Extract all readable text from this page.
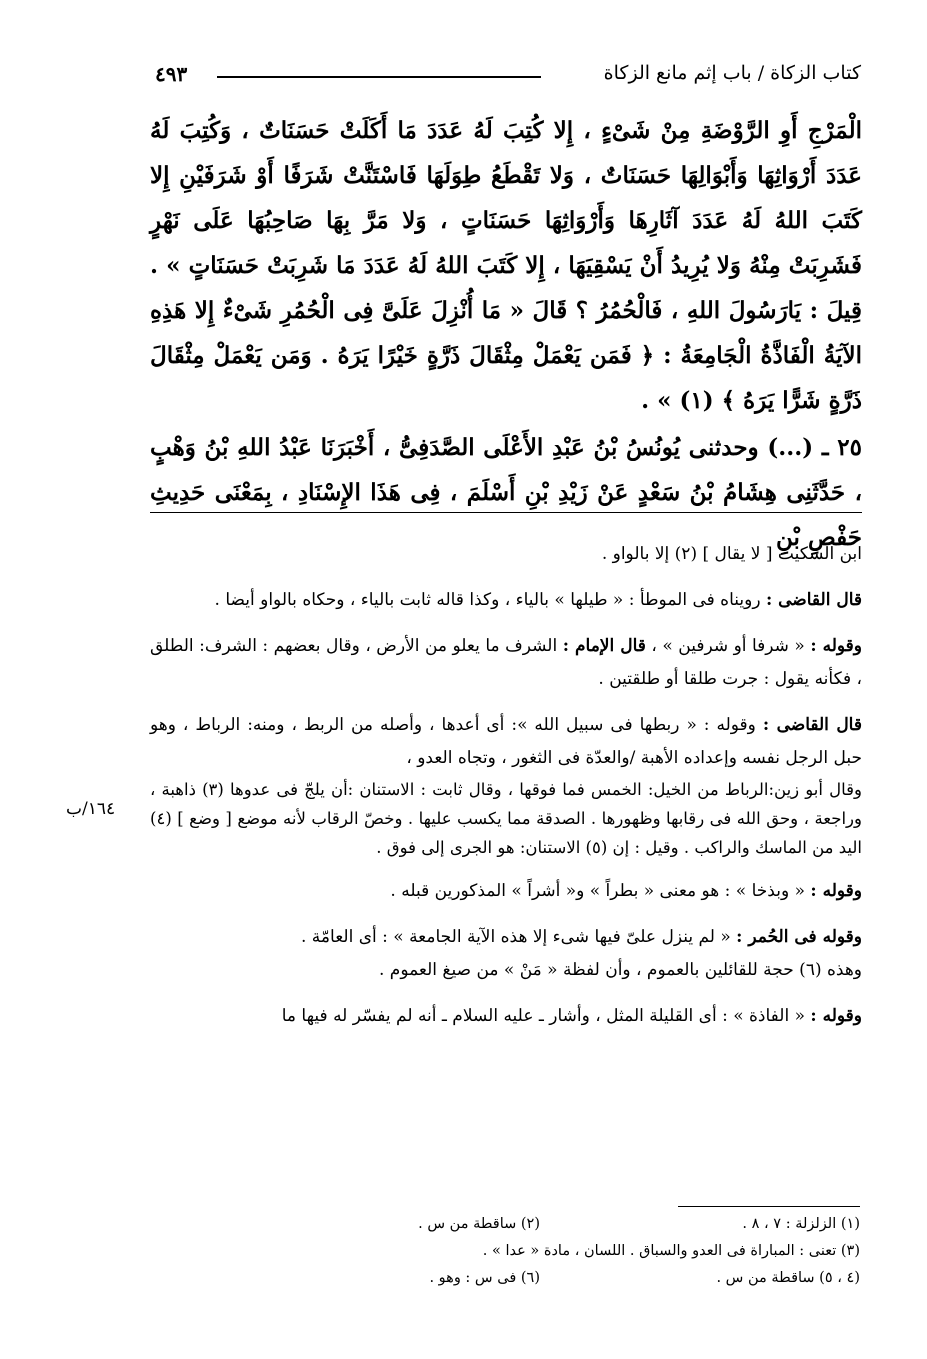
كتاب الزكاة / باب إثم مانع الزكاة
٤٩٣

الْمَرْجِ أَوِ الرَّوْضَةِ مِنْ شَىْءٍ ، إِلا كُتِبَ لَهُ عَدَدَ مَا أَكَلَتْ حَسَنَاتٌ ، وَكُتِبَ لَهُ عَدَدَ أَرْوَاثِهَا وَأَبْوَالِهَا حَسَنَاتٌ ، وَلا تَقْطَعُ طِوَلَهَا فَاسْتَنَّتْ شَرَفًا أَوْ شَرَفَيْنِ إِلا كَتَبَ اللهُ لَهُ عَدَدَ آثَارِهَا وَأَرْوَاثِهَا حَسَنَاتٍ ، وَلا مَرَّ بِهَا صَاحِبُهَا عَلَى نَهْرٍ فَشَرِبَتْ مِنْهُ وَلا يُرِيدُ أَنْ يَسْقِيَهَا ، إِلا كَتَبَ اللهُ لَهُ عَدَدَ مَا شَرِبَتْ حَسَنَاتٍ » . قِيلَ : يَارَسُولَ اللهِ ، فَالْحُمُرُ ؟ قَالَ « مَا أُنْزِلَ عَلَىَّ فِى الْحُمُرِ شَىْءٌ إِلا هَذِهِ الآيَةُ الْفَاذَّةُ الْجَامِعَةُ : ﴿ فَمَن يَعْمَلْ مِثْقَالَ ذَرَّةٍ خَيْرًا يَرَهُ . وَمَن يَعْمَلْ مِثْقَالَ ذَرَّةٍ شَرًّا يَرَهُ ﴾ (١) » .

٢٥ ـ (...) وحدثنى يُونُسُ بْنُ عَبْدِ الأَعْلَى الصَّدَفِىُّ ، أَخْبَرَنَا عَبْدُ اللهِ بْنُ وَهْبٍ ، حَدَّثَنِى هِشَامُ بْنُ سَعْدٍ عَنْ زَيْدِ بْنِ أَسْلَمَ ، فِى هَذَا الإِسْنَادِ ، بِمَعْنَى حَدِيثِ حَفْصِ بْنِ

ابن السكيت [ لا يقال ] (٢) إلا بالواو .

قال القاضى : رويناه فى الموطأ : « طيلها » بالياء ، وكذا قاله ثابت بالياء ، وحكاه بالواو أيضا .

وقوله : « شرفا أو شرفين » ، قال الإمام : الشرف ما يعلو من الأرض ، وقال بعضهم : الشرف: الطلق ، فكأنه يقول : جرت طلقا أو طلقتين .

قال القاضى : وقوله : « ربطها فى سبيل الله »: أى أعدها ، وأصله من الربط ، ومنه: الرباط ، وهو حبل الرجل نفسه وإعداده الأهبة /والعدّة فى الثغور ، وتجاه العدو ،

وقال أبو زين:الرباط من الخيل: الخمس فما فوقها ، وقال ثابت : الاستنان :أن يلجّ فى عدوها (٣) ذاهبة ، وراجعة ، وحق الله فى رقابها وظهورها . الصدقة مما يكسب عليها . وخصّ الرقاب لأنه موضع [ وضع ] (٤) اليد من الماسك والراكب . وقيل : إن (٥) الاستنان: هو الجرى إلى فوق .

وقوله : « وبذخا » : هو معنى « بطراً » و« أشراً » المذكورين قبله .

وقوله فى الحُمر : « لم ينزل علىّ فيها شىء إلا هذه الآية الجامعة » : أى العامّة .

وهذه (٦) حجة للقائلين بالعموم ، وأن لفظة « مَنْ » من صيغ العموم .

وقوله : « الفاذة » : أى القليلة المثل ، وأشار ـ عليه السلام ـ أنه لم يفسّر له فيها ما

١٦٤/ب
(١) الزلزلة : ٧ ، ٨ .
(٢) ساقطة من س .
(٣) تعنى : المباراة فى العدو والسباق . اللسان ، مادة « عدا » .
(٤ ، ٥) ساقطة من س .
(٦) فى س : وهو .
